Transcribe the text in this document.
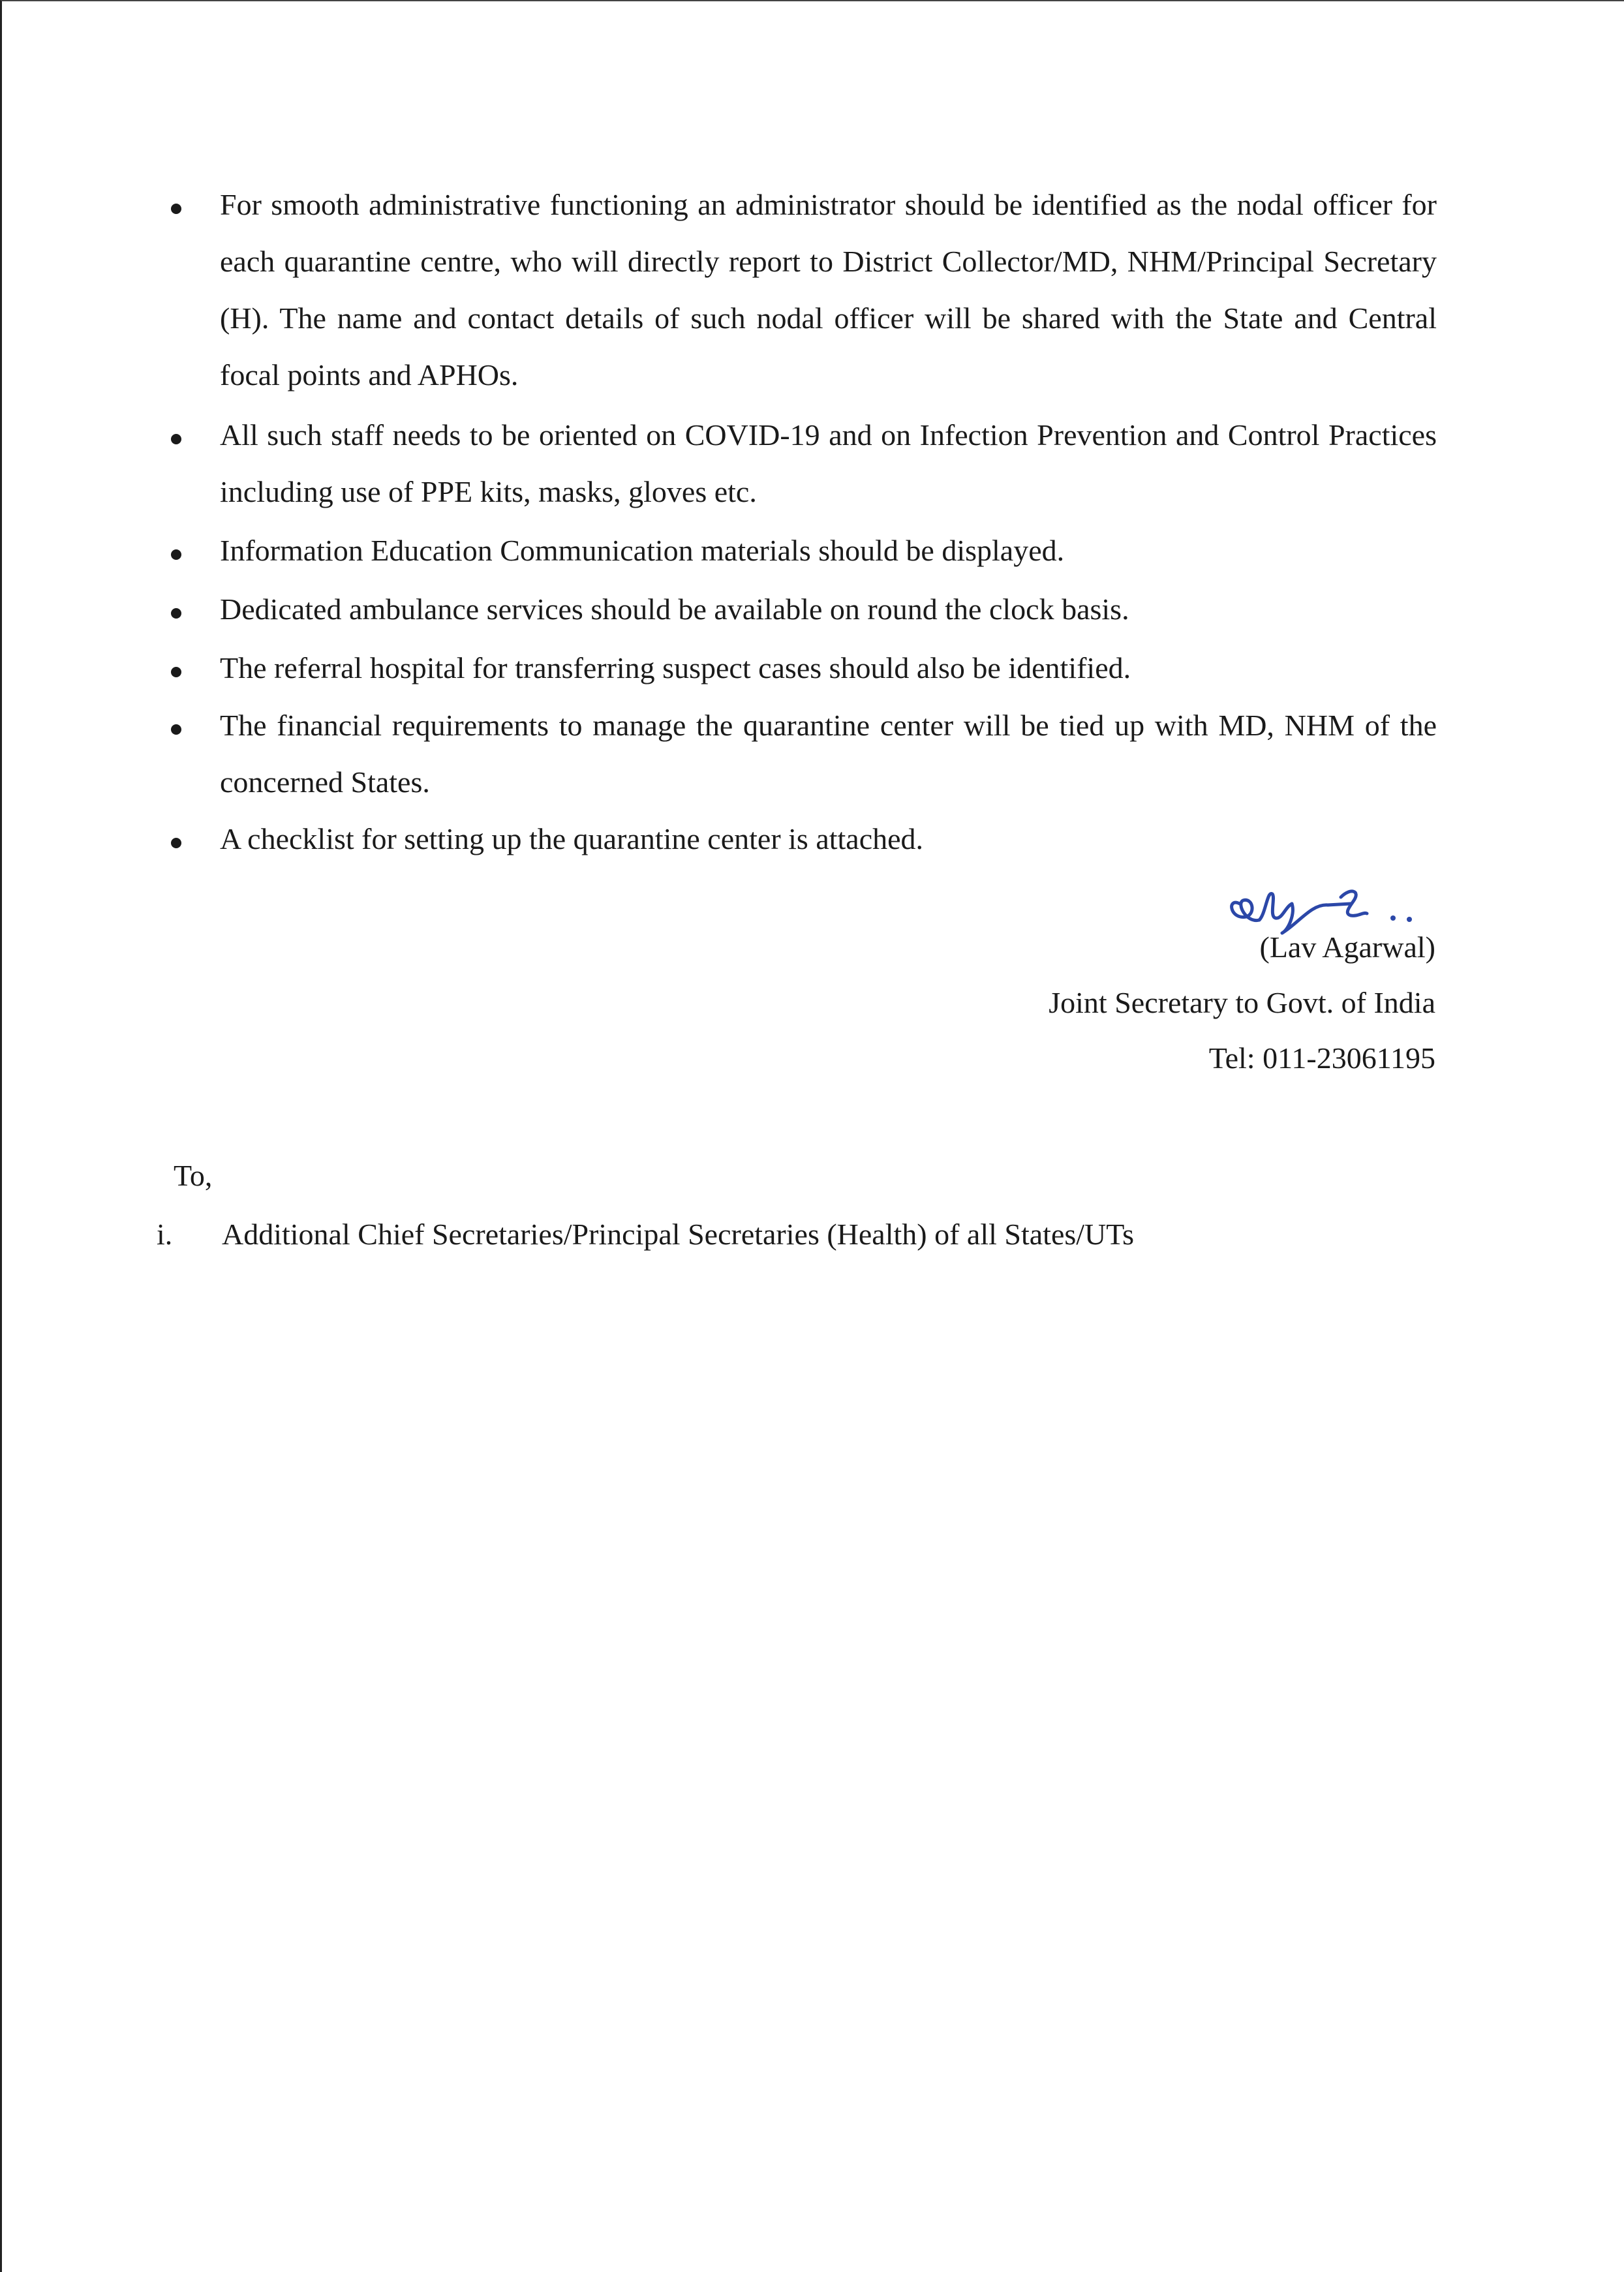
For smooth administrative functioning an administrator should be identified as the nodal officer for each quarantine centre, who will directly report to District Collector/MD, NHM/Principal Secretary (H). The name and contact details of such nodal officer will be shared with the State and Central focal points and APHOs.

All such staff needs to be oriented on COVID-19 and on Infection Prevention and Control Practices including use of PPE kits, masks, gloves etc.

Information Education Communication materials should be displayed.

Dedicated ambulance services should be available on round the clock basis.

The referral hospital for transferring suspect cases should also be identified.

The financial requirements to manage the quarantine center will be tied up with MD, NHM of the concerned States.

A checklist for setting up the quarantine center is attached.

(Lav Agarwal)
Joint Secretary to Govt. of India
Tel: 011-23061195
To,
i. Additional Chief Secretaries/Principal Secretaries (Health) of all States/UTs
